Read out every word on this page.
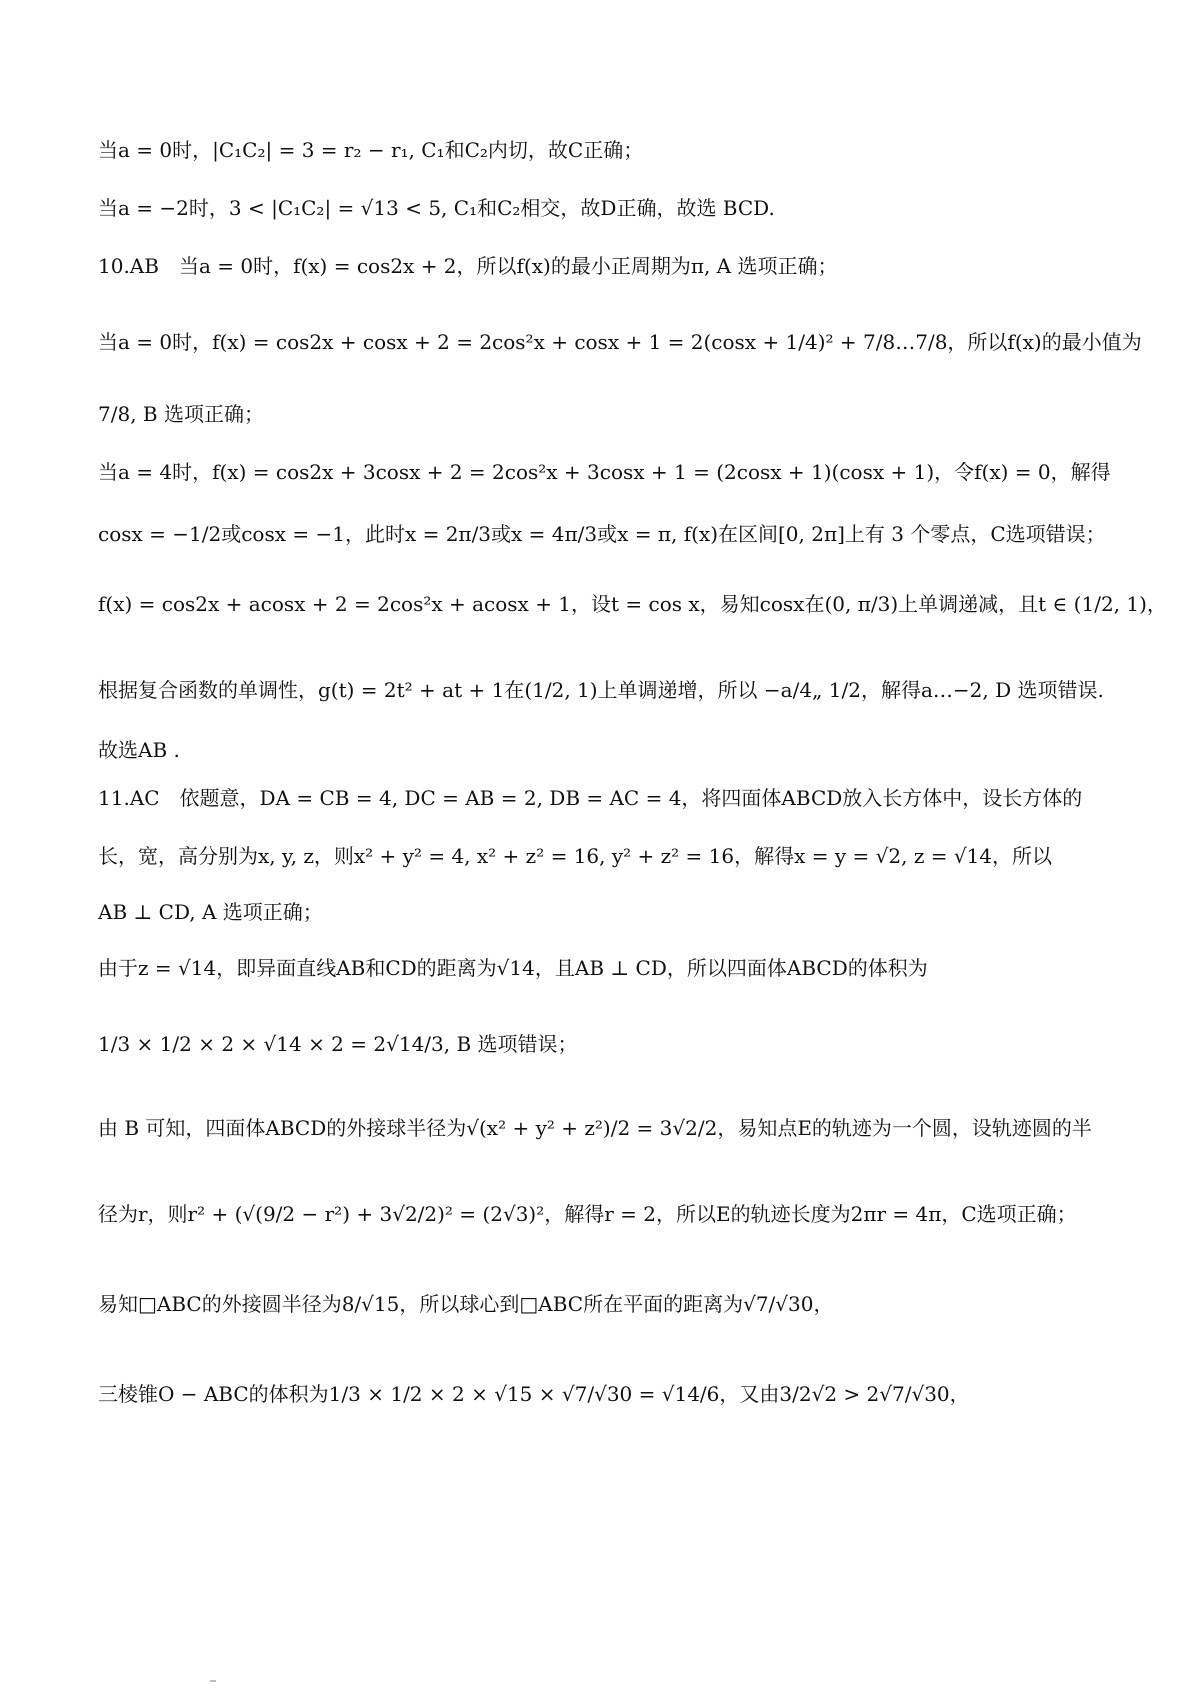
当a = 0时，|C₁C₂| = 3 = r₂ − r₁, C₁和C₂内切，故C正确；
当a = −2时，3 < |C₁C₂| = √13 < 5, C₁和C₂相交，故D正确，故选 BCD.
10.AB　当a = 0时，f(x) = cos2x + 2，所以f(x)的最小正周期为π, A 选项正确；
当a = 0时，f(x) = cos2x + cosx + 2 = 2cos²x + cosx + 1 = 2(cosx + 1/4)² + 7/8…7/8，所以f(x)的最小值为
7/8, B 选项正确；
当a = 4时，f(x) = cos2x + 3cosx + 2 = 2cos²x + 3cosx + 1 = (2cosx + 1)(cosx + 1)，令f(x) = 0，解得
cosx = −1/2或cosx = −1，此时x = 2π/3或x = 4π/3或x = π, f(x)在区间[0, 2π]上有 3 个零点，C选项错误；
f(x) = cos2x + acosx + 2 = 2cos²x + acosx + 1，设t = cos x，易知cosx在(0, π/3)上单调递减，且t ∈ (1/2, 1)，
根据复合函数的单调性，g(t) = 2t² + at + 1在(1/2, 1)上单调递增，所以 −a/4„ 1/2，解得a…−2, D 选项错误.
故选AB .
11.AC　依题意，DA = CB = 4, DC = AB = 2, DB = AC = 4，将四面体ABCD放入长方体中，设长方体的
长，宽，高分别为x, y, z，则x² + y² = 4, x² + z² = 16, y² + z² = 16，解得x = y = √2, z = √14，所以
AB ⊥ CD, A 选项正确；
由于z = √14，即异面直线AB和CD的距离为√14，且AB ⊥ CD，所以四面体ABCD的体积为
1/3 × 1/2 × 2 × √14 × 2 = 2√14/3, B 选项错误；
由 B 可知，四面体ABCD的外接球半径为√(x² + y² + z²)/2 = 3√2/2，易知点E的轨迹为一个圆，设轨迹圆的半
径为r，则r² + (√(9/2 − r²) + 3√2/2)² = (2√3)²，解得r = 2，所以E的轨迹长度为2πr = 4π，C选项正确；
易知□ABC的外接圆半径为8/√15，所以球心到□ABC所在平面的距离为√7/√30，
三棱锥O − ABC的体积为1/3 × 1/2 × 2 × √15 × √7/√30 = √14/6，又由3/2√2 > 2√7/√30，
